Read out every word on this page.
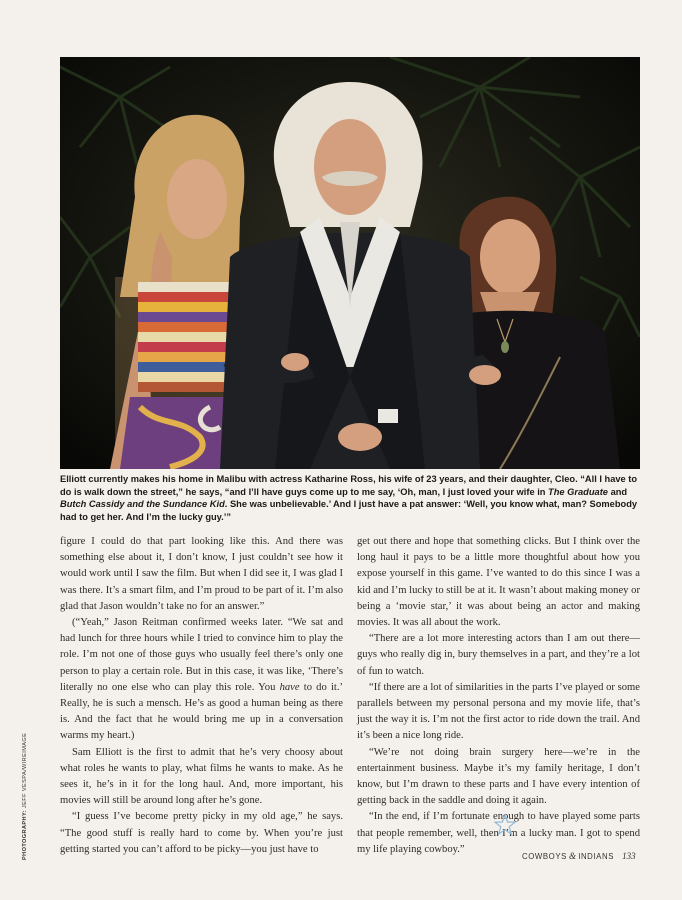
Elliott currently makes his home in Malibu with actress Katharine Ross, his wife of 23 years, and their daughter, Cleo. “All I have to do is walk down the street,” he says, “and I’ll have guys come up to me say, ‘Oh, man, I just loved your wife in The Graduate and Butch Cassidy and the Sundance Kid. She was unbelievable.’ And I just have a pat answer: ‘Well, you know what, man? Somebody had to get her. And I’m the lucky guy.’”

PHOTOGRAPHY: JEFF VESPA/WIREIMAGE

figure I could do that part looking like this. And there was something else about it, I don’t know, I just couldn’t see how it would work until I saw the film. But when I did see it, I was glad I was there. It’s a smart film, and I’m proud to be part of it. I’m also glad that Jason wouldn’t take no for an answer.”

(“Yeah,” Jason Reitman confirmed weeks later. “We sat and had lunch for three hours while I tried to convince him to play the role. I’m not one of those guys who usually feel there’s only one person to play a certain role. But in this case, it was like, ‘There’s literally no one else who can play this role. You have to do it.’ Really, he is such a mensch. He’s as good a human being as there is. And the fact that he would bring me up in a conversation warms my heart.)

Sam Elliott is the first to admit that he’s very choosy about what roles he wants to play, what films he wants to make. As he sees it, he’s in it for the long haul. And, more important, his movies will still be around long after he’s gone.

“I guess I’ve become pretty picky in my old age,” he says. “The good stuff is really hard to come by. When you’re just getting started you can’t afford to be picky—you just have to

get out there and hope that something clicks. But I think over the long haul it pays to be a little more thoughtful about how you expose yourself in this game. I’ve wanted to do this since I was a kid and I’m lucky to still be at it. It wasn’t about making money or being a ‘movie star,’ it was about being an actor and making movies. It was all about the work.

“There are a lot more interesting actors than I am out there—guys who really dig in, bury themselves in a part, and they’re a lot of fun to watch.

“If there are a lot of similarities in the parts I’ve played or some parallels between my personal persona and my movie life, that’s just the way it is. I’m not the first actor to ride down the trail. And it’s been a nice long ride.

“We’re not doing brain surgery here—we’re in the entertainment business. Maybe it’s my family heritage, I don’t know, but I’m drawn to these parts and I have every intention of getting back in the saddle and doing it again.

“In the end, if I’m fortunate enough to have played some parts that people remember, well, then I’m a lucky man. I got to spend my life playing cowboy.”

COWBOYS & INDIANS 133
